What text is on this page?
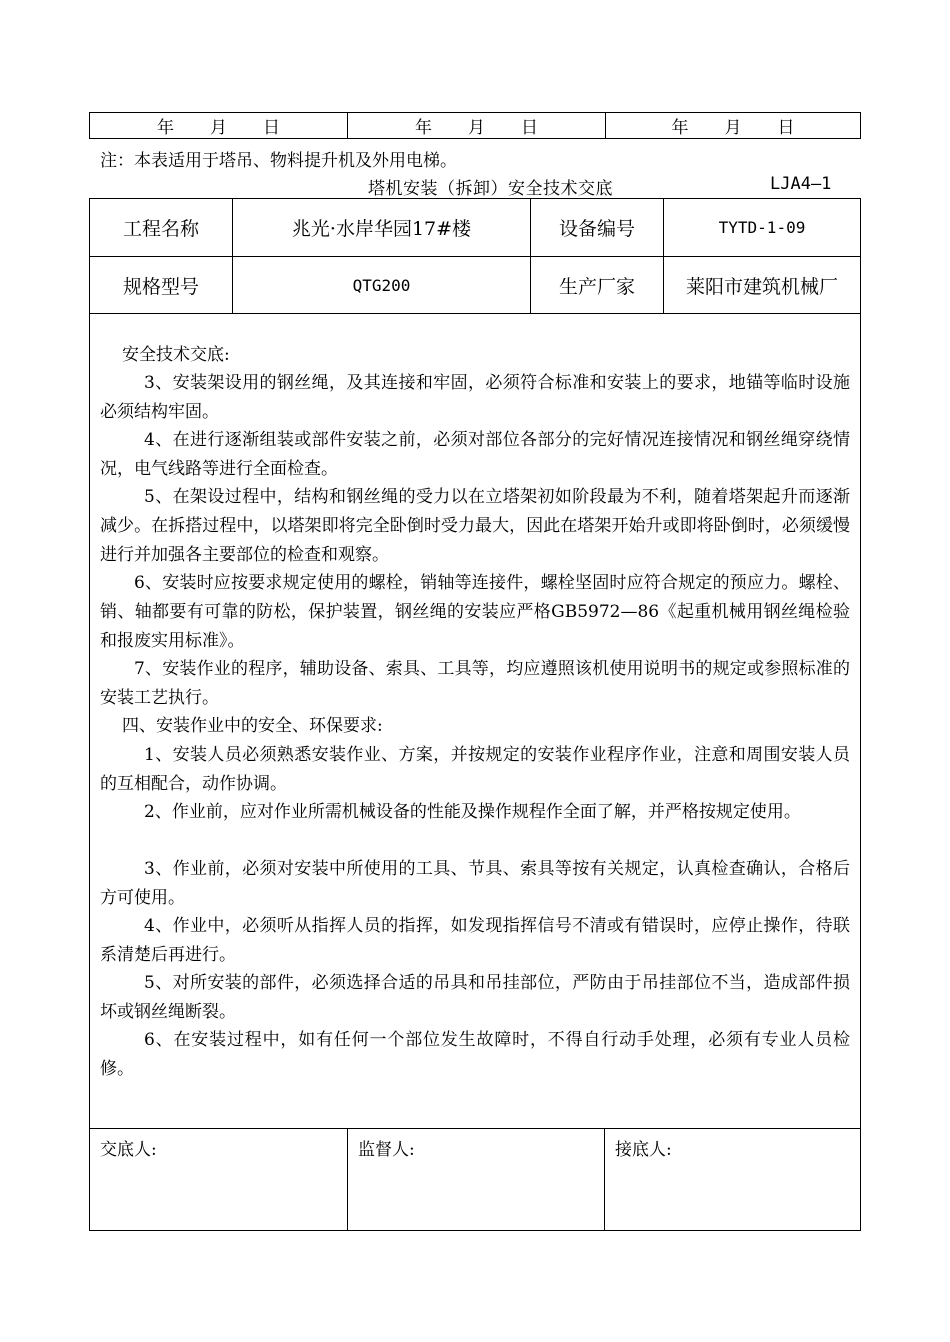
年 月 日	年 月 日	年 月 日
注：本表适用于塔吊、物料提升机及外用电梯。
塔机安装（拆卸）安全技术交底	LJA4—1
工程名称	兆光·水岸华园17#楼	设备编号	TYTD-1-09
规格型号	QTG200	生产厂家	莱阳市建筑机械厂
安全技术交底:

3、安装架设用的钢丝绳，及其连接和牢固，必须符合标准和安装上的要求，地锚等临时设施必须结构牢固。

4、在进行逐渐组装或部件安装之前，必须对部位各部分的完好情况连接情况和钢丝绳穿绕情况，电气线路等进行全面检查。

5、在架设过程中，结构和钢丝绳的受力以在立塔架初如阶段最为不利，随着塔架起升而逐渐减少。在拆搭过程中，以塔架即将完全卧倒时受力最大，因此在塔架开始升或即将卧倒时，必须缓慢进行并加强各主要部位的检查和观察。

6、安装时应按要求规定使用的螺栓，销轴等连接件，螺栓坚固时应符合规定的预应力。螺栓、销、轴都要有可靠的防松，保护装置，钢丝绳的安装应严格GB5972—86《起重机械用钢丝绳检验和报废实用标准》。

7、安装作业的程序，辅助设备、索具、工具等，均应遵照该机使用说明书的规定或参照标准的安装工艺执行。

四、安装作业中的安全、环保要求:

1、安装人员必须熟悉安装作业、方案，并按规定的安装作业程序作业，注意和周围安装人员的互相配合，动作协调。

2、作业前，应对作业所需机械设备的性能及操作规程作全面了解，并严格按规定使用。

3、作业前，必须对安装中所使用的工具、节具、索具等按有关规定，认真检查确认，合格后方可使用。

4、作业中，必须听从指挥人员的指挥，如发现指挥信号不清或有错误时，应停止操作，待联系清楚后再进行。

5、对所安装的部件，必须选择合适的吊具和吊挂部位，严防由于吊挂部位不当，造成部件损坏或钢丝绳断裂。

6、在安装过程中，如有任何一个部位发生故障时，不得自行动手处理，必须有专业人员检修。

交底人:	监督人:	接底人:
